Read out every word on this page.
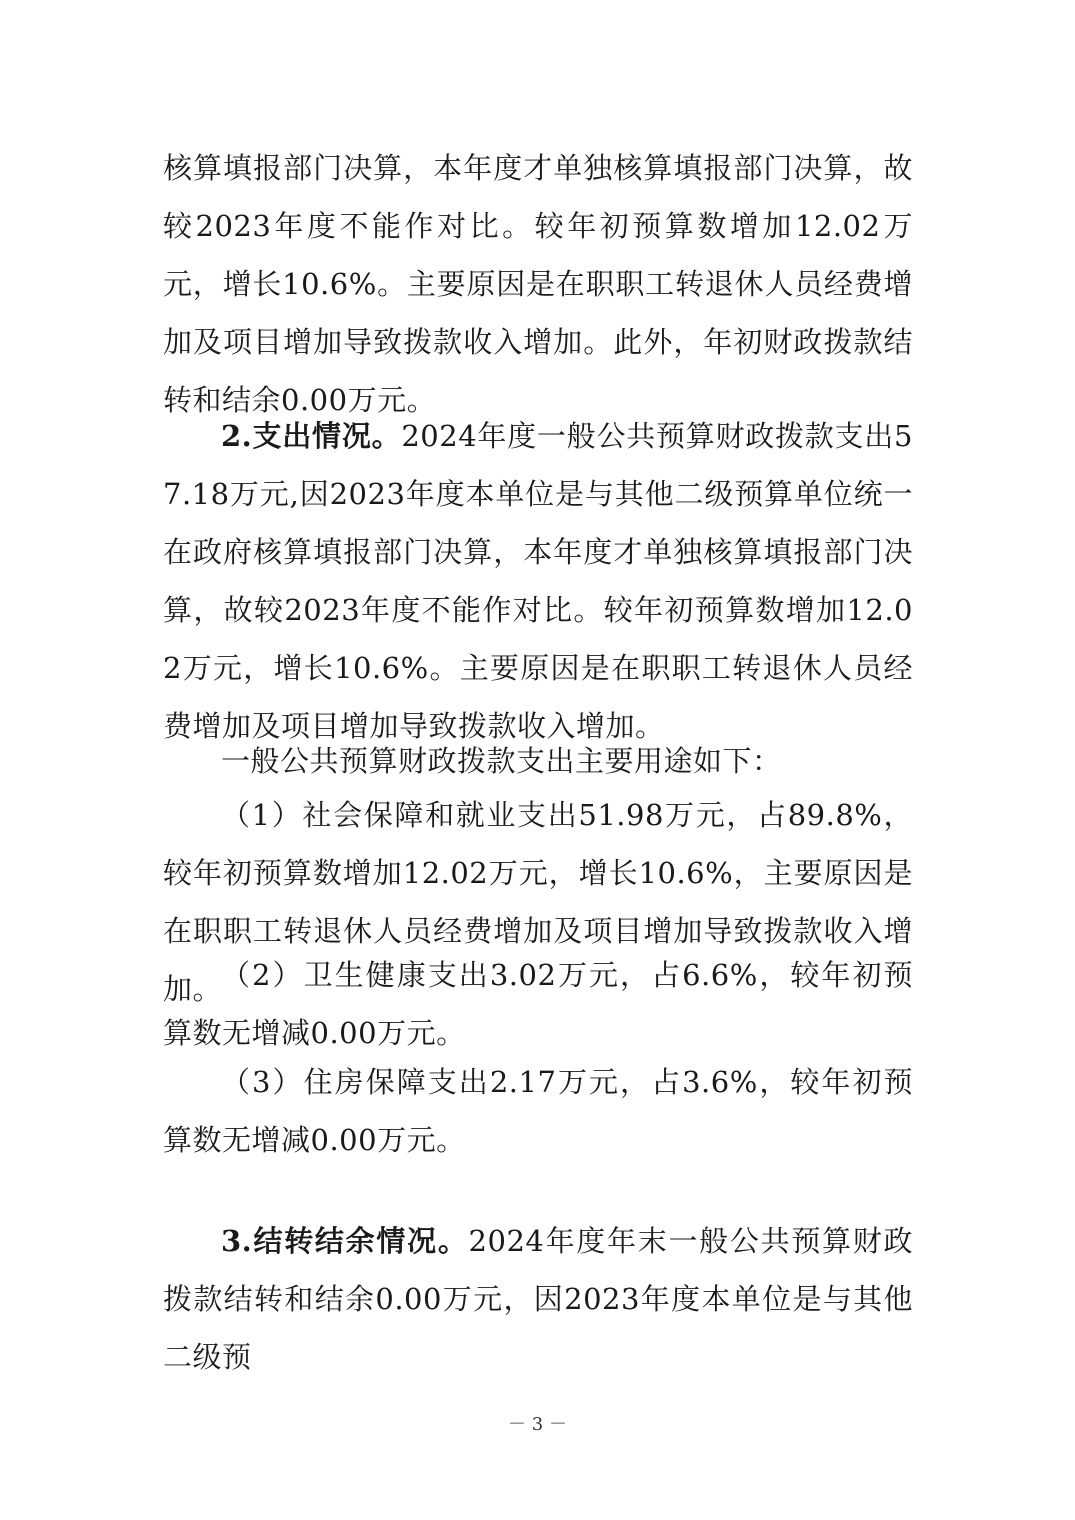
核算填报部门决算，本年度才单独核算填报部门决算，故较2023年度不能作对比。较年初预算数增加12.02万元，增长10.6%。主要原因是在职职工转退休人员经费增加及项目增加导致拨款收入增加。此外，年初财政拨款结转和结余0.00万元。

2.支出情况。2024年度一般公共预算财政拨款支出57.18万元,因2023年度本单位是与其他二级预算单位统一在政府核算填报部门决算，本年度才单独核算填报部门决算，故较2023年度不能作对比。较年初预算数增加12.02万元，增长10.6%。主要原因是在职职工转退休人员经费增加及项目增加导致拨款收入增加。

一般公共预算财政拨款支出主要用途如下：

（1）社会保障和就业支出51.98万元，占89.8%，较年初预算数增加12.02万元，增长10.6%，主要原因是在职职工转退休人员经费增加及项目增加导致拨款收入增加。

（2）卫生健康支出3.02万元，占6.6%，较年初预算数无增减0.00万元。

（3）住房保障支出2.17万元，占3.6%，较年初预算数无增减0.00万元。

3.结转结余情况。2024年度年末一般公共预算财政拨款结转和结余0.00万元，因2023年度本单位是与其他二级预

－ 3 －
